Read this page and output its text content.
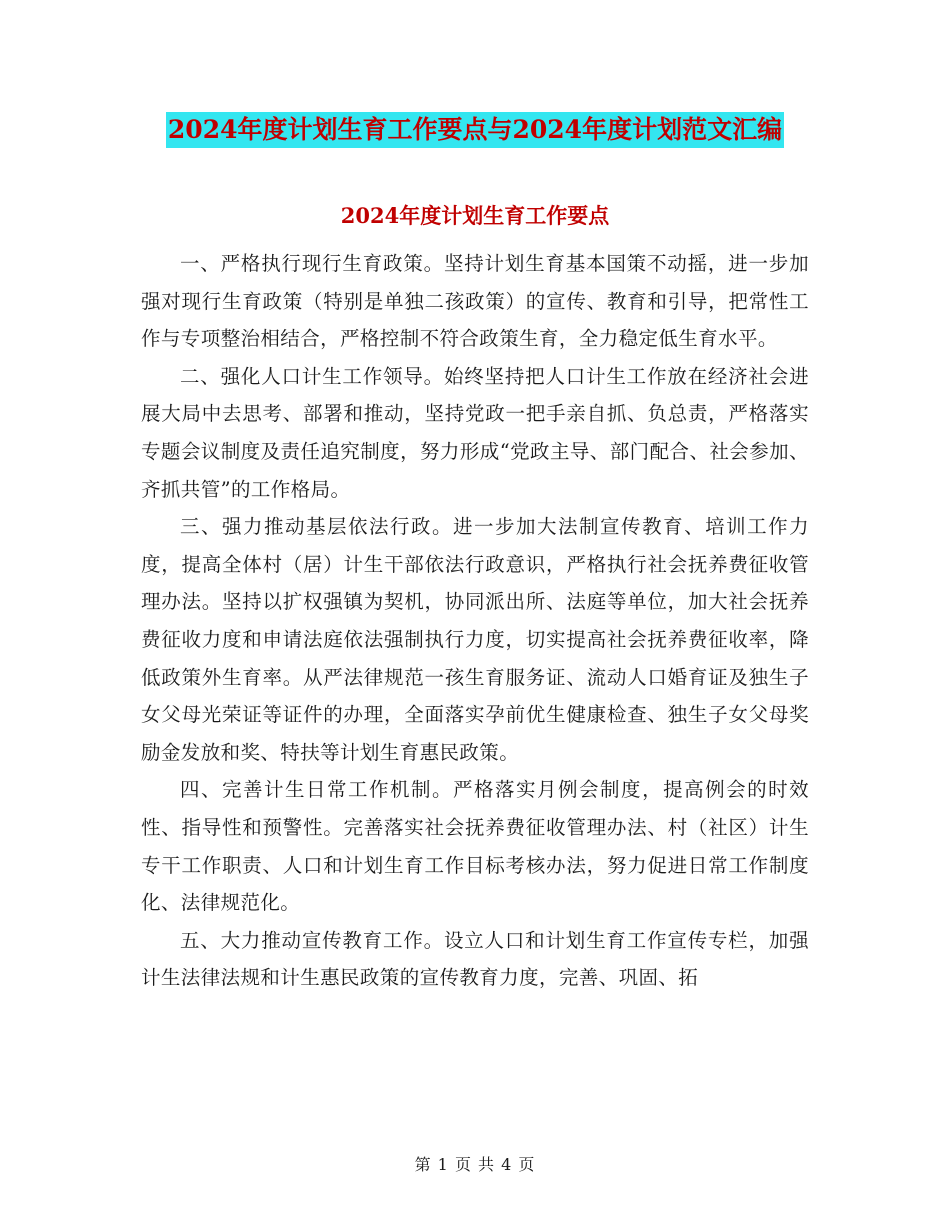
2024年度计划生育工作要点与2024年度计划范文汇编
2024年度计划生育工作要点

一、严格执行现行生育政策。坚持计划生育基本国策不动摇，进一步加强对现行生育政策（特别是单独二孩政策）的宣传、教育和引导，把常性工作与专项整治相结合，严格控制不符合政策生育，全力稳定低生育水平。

二、强化人口计生工作领导。始终坚持把人口计生工作放在经济社会进展大局中去思考、部署和推动，坚持党政一把手亲自抓、负总责，严格落实专题会议制度及责任追究制度，努力形成“党政主导、部门配合、社会参加、齐抓共管”的工作格局。

三、强力推动基层依法行政。进一步加大法制宣传教育、培训工作力度，提高全体村（居）计生干部依法行政意识，严格执行社会抚养费征收管理办法。坚持以扩权强镇为契机，协同派出所、法庭等单位，加大社会抚养费征收力度和申请法庭依法强制执行力度，切实提高社会抚养费征收率，降低政策外生育率。从严法律规范一孩生育服务证、流动人口婚育证及独生子女父母光荣证等证件的办理，全面落实孕前优生健康检查、独生子女父母奖励金发放和奖、特扶等计划生育惠民政策。

四、完善计生日常工作机制。严格落实月例会制度，提高例会的时效性、指导性和预警性。完善落实社会抚养费征收管理办法、村（社区）计生专干工作职责、人口和计划生育工作目标考核办法，努力促进日常工作制度化、法律规范化。

五、大力推动宣传教育工作。设立人口和计划生育工作宣传专栏，加强计生法律法规和计生惠民政策的宣传教育力度，完善、巩固、拓

第 1 页 共 4 页
